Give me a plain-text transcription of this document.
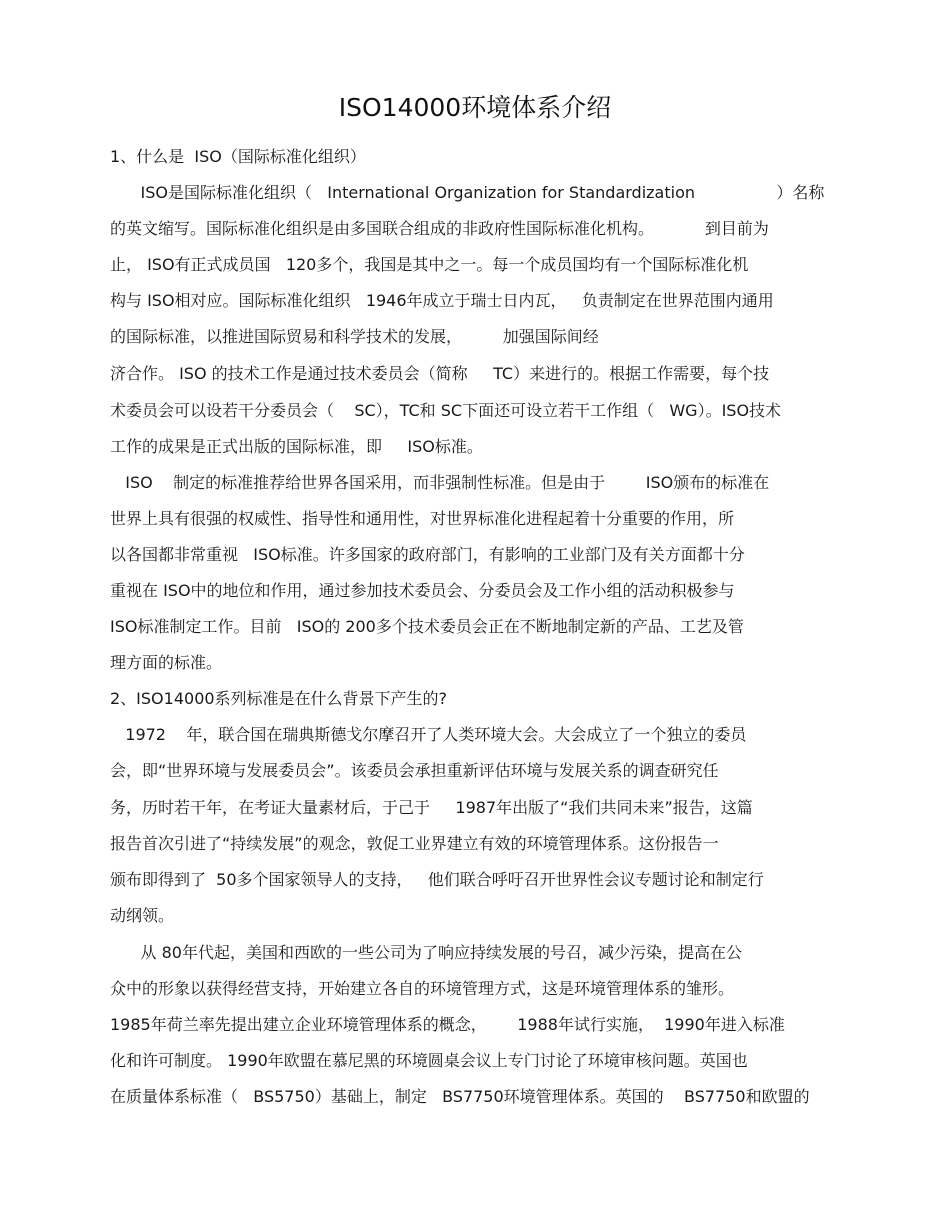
ISO14000环境体系介绍
1、什么是  ISO（国际标准化组织）
ISO是国际标准化组织（   International Organization for Standardization                ）名称
的英文缩写。国际标准化组织是由多国联合组成的非政府性国际标准化机构。          到目前为
止， ISO有正式成员国   120多个，我国是其中之一。每一个成员国均有一个国际标准化机
构与 ISO相对应。国际标准化组织   1946年成立于瑞士日内瓦，   负责制定在世界范围内通用
的国际标准，以推进国际贸易和科学技术的发展，        加强国际间经
济合作。 ISO 的技术工作是通过技术委员会（简称     TC）来进行的。根据工作需要，每个技
术委员会可以设若干分委员会（    SC），TC和 SC下面还可设立若干工作组（   WG）。ISO技术
工作的成果是正式出版的国际标准，即     ISO标准。
ISO    制定的标准推荐给世界各国采用，而非强制性标准。但是由于        ISO颁布的标准在
世界上具有很强的权威性、指导性和通用性，对世界标准化进程起着十分重要的作用，所
以各国都非常重视   ISO标准。许多国家的政府部门，有影响的工业部门及有关方面都十分
重视在 ISO中的地位和作用，通过参加技术委员会、分委员会及工作小组的活动积极参与
ISO标准制定工作。目前   ISO的 200多个技术委员会正在不断地制定新的产品、工艺及管
理方面的标准。
2、ISO14000系列标准是在什么背景下产生的?
1972    年，联合国在瑞典斯德戈尔摩召开了人类环境大会。大会成立了一个独立的委员
会，即“世界环境与发展委员会”。该委员会承担重新评估环境与发展关系的调查研究任
务，历时若干年，在考证大量素材后，于己于     1987年出版了“我们共同未来”报告，这篇
报告首次引进了“持续发展”的观念，敦促工业界建立有效的环境管理体系。这份报告一
颁布即得到了  50多个国家领导人的支持，   他们联合呼吁召开世界性会议专题讨论和制定行
动纲领。
从 80年代起，美国和西欧的一些公司为了响应持续发展的号召，减少污染，提高在公
众中的形象以获得经营支持，开始建立各自的环境管理方式，这是环境管理体系的雏形。
1985年荷兰率先提出建立企业环境管理体系的概念，      1988年试行实施，  1990年进入标准
化和许可制度。 1990年欧盟在慕尼黑的环境圆桌会议上专门讨论了环境审核问题。英国也
在质量体系标准（   BS5750）基础上，制定   BS7750环境管理体系。英国的    BS7750和欧盟的
